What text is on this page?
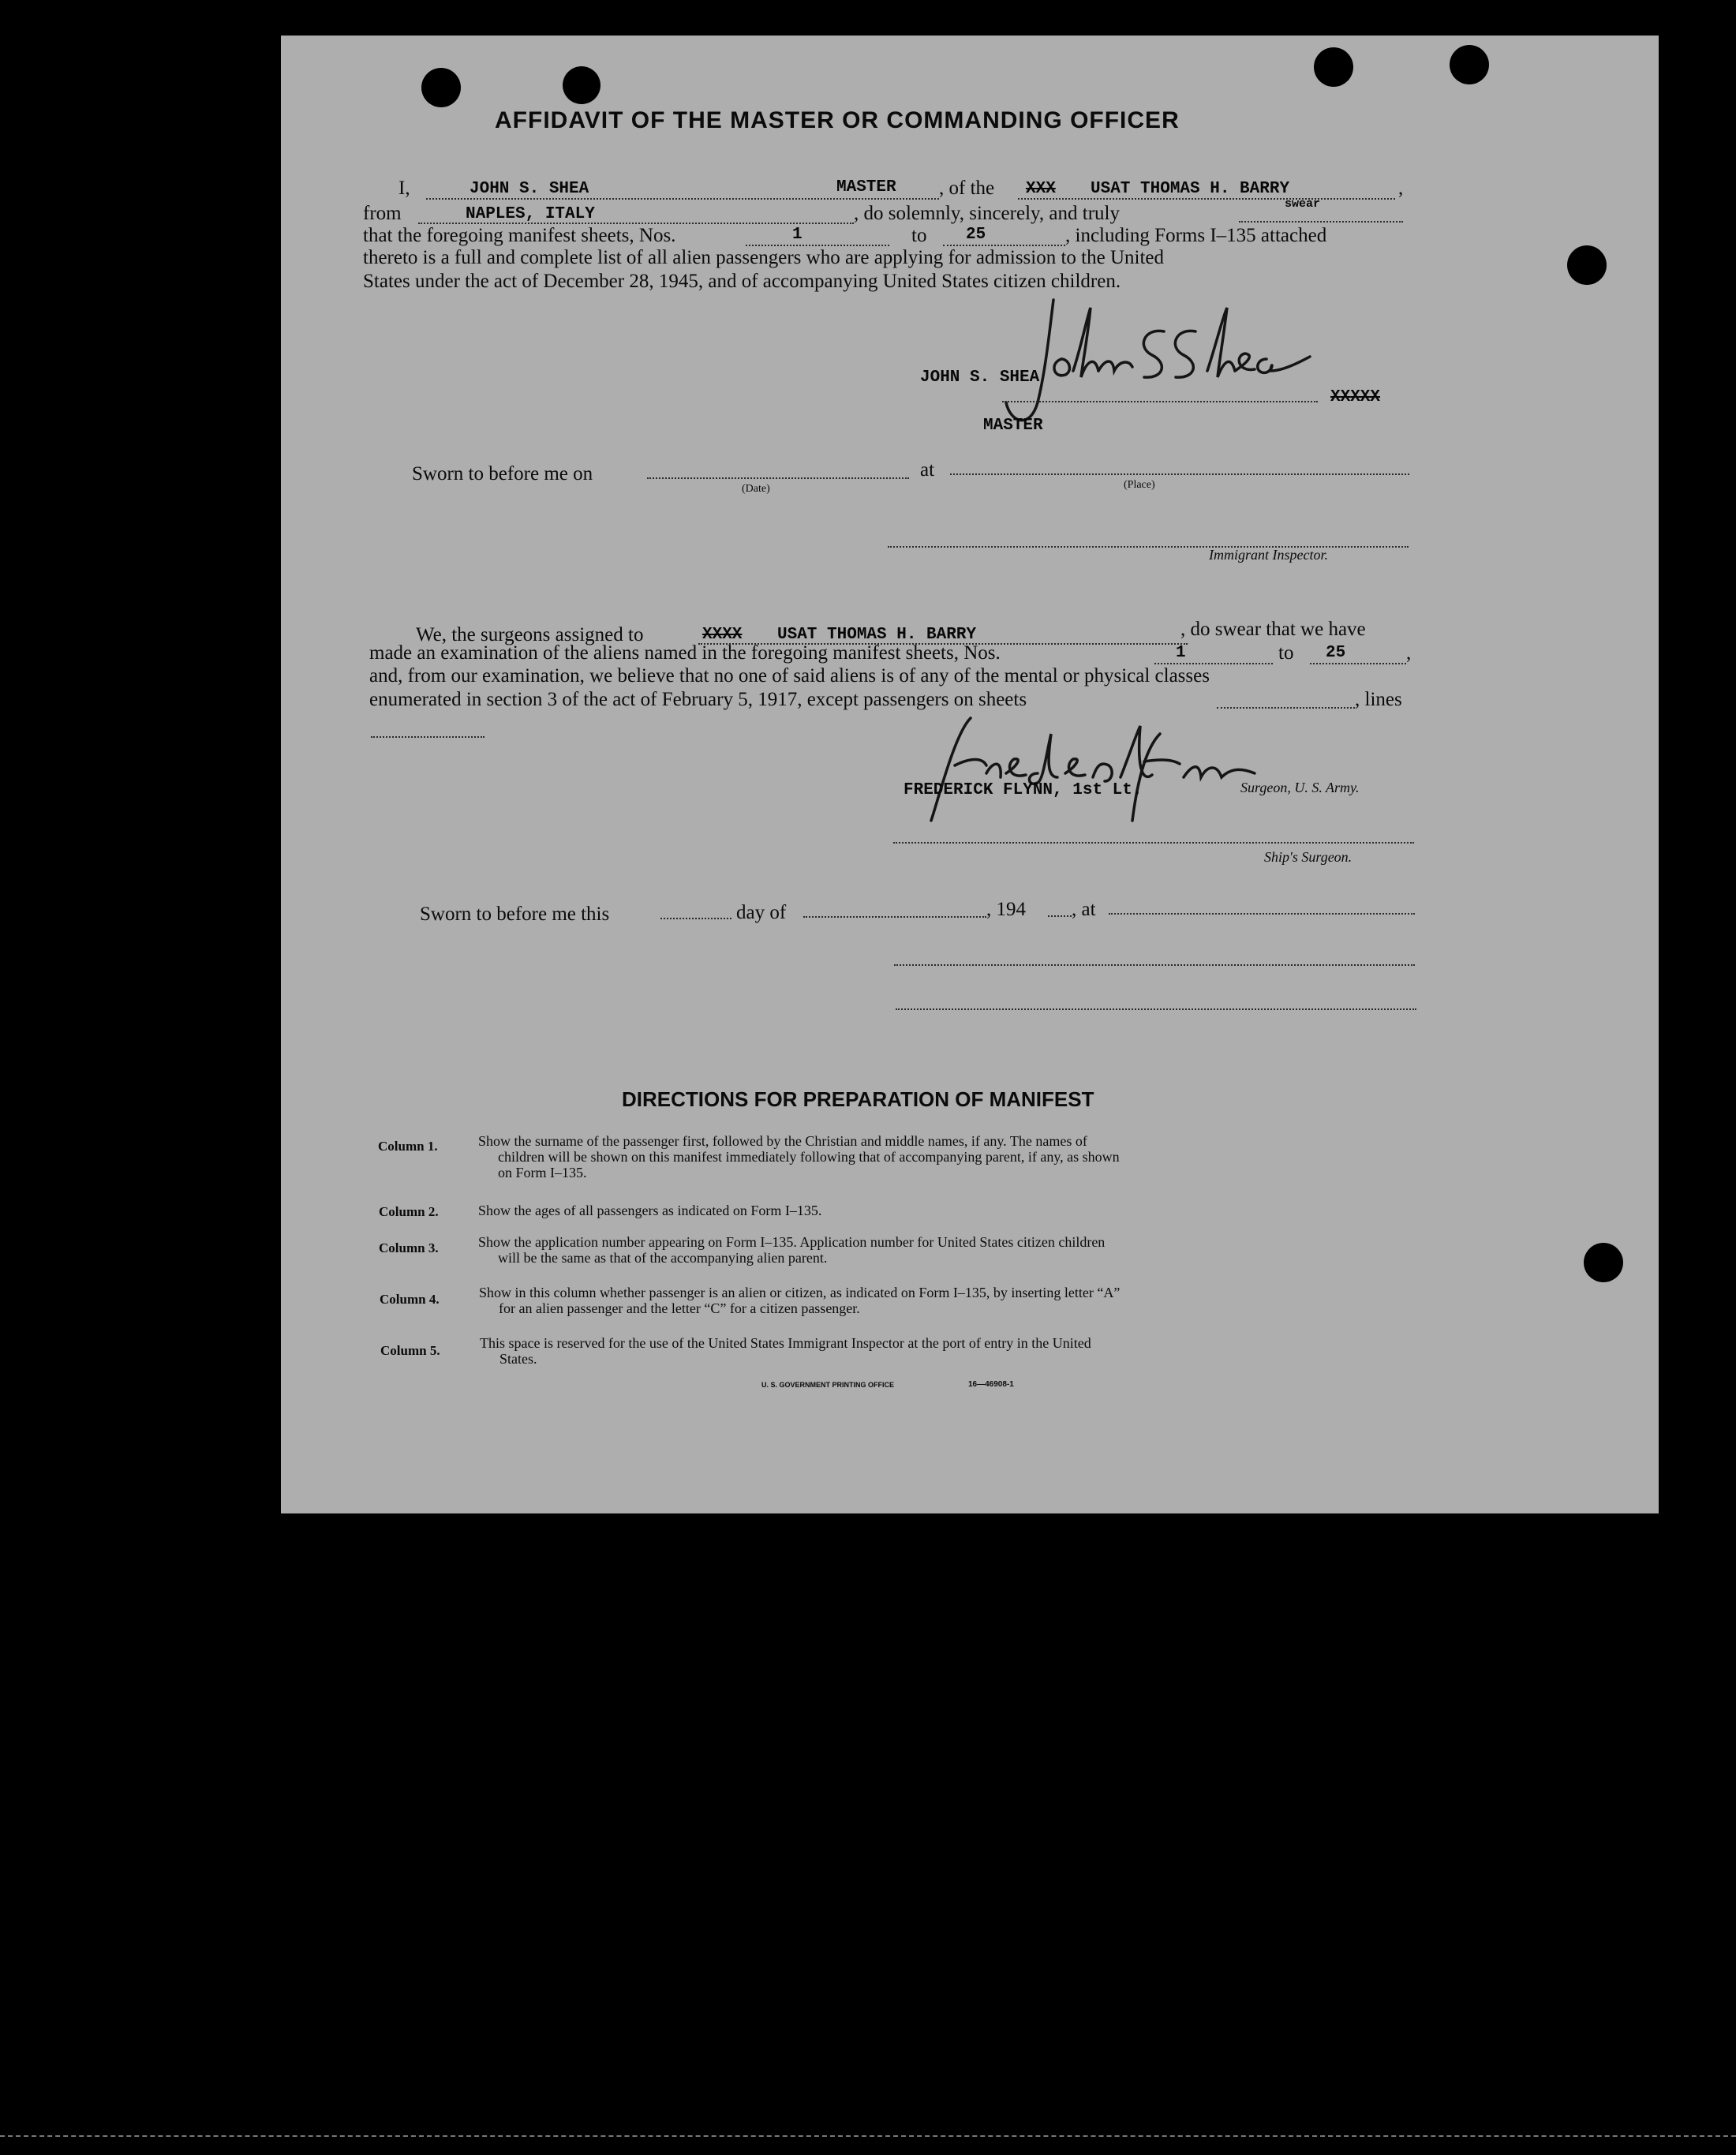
AFFIDAVIT OF THE MASTER OR COMMANDING OFFICER
I,	JOHN S. SHEA	MASTER , of the XXX USAT THOMAS H. BARRY	,
from	NAPLES, ITALY	, do solemnly, sincerely, and truly	swear
that the foregoing manifest sheets, Nos.	1	to 25	, including Forms I–135 attached
thereto is a full and complete list of all alien passengers who are applying for admission to the United
States under the act of December 28, 1945, and of accompanying United States citizen children.
JOHN S. SHEA
XXXXX
MASTER
Sworn to before me on
(Date)
at
(Place)
Immigrant Inspector.
We, the surgeons assigned to	XXXX USAT THOMAS H. BARRY	, do swear that we have
made an examination of the aliens named in the foregoing manifest sheets, Nos.	1	to 25	,
and, from our examination, we believe that no one of said aliens is of any of the mental or physical classes
enumerated in section 3 of the act of February 5, 1917, except passengers on sheets	, lines
FREDERICK FLYNN, 1st Lt.	Surgeon, U. S. Army.
Ship's Surgeon.
Sworn to before me this	day of	, 194 , at
DIRECTIONS FOR PREPARATION OF MANIFEST
Column 1.	Show the surname of the passenger first, followed by the Christian and middle names, if any. The names of
children will be shown on this manifest immediately following that of accompanying parent, if any, as shown
on Form I–135.
Column 2.	Show the ages of all passengers as indicated on Form I–135.
Column 3.	Show the application number appearing on Form I–135. Application number for United States citizen children
will be the same as that of the accompanying alien parent.
Column 4.	Show in this column whether passenger is an alien or citizen, as indicated on Form I–135, by inserting letter “A”
for an alien passenger and the letter “C” for a citizen passenger.
Column 5.	This space is reserved for the use of the United States Immigrant Inspector at the port of entry in the United
States.
U. S. GOVERNMENT PRINTING OFFICE	16—46908-1
